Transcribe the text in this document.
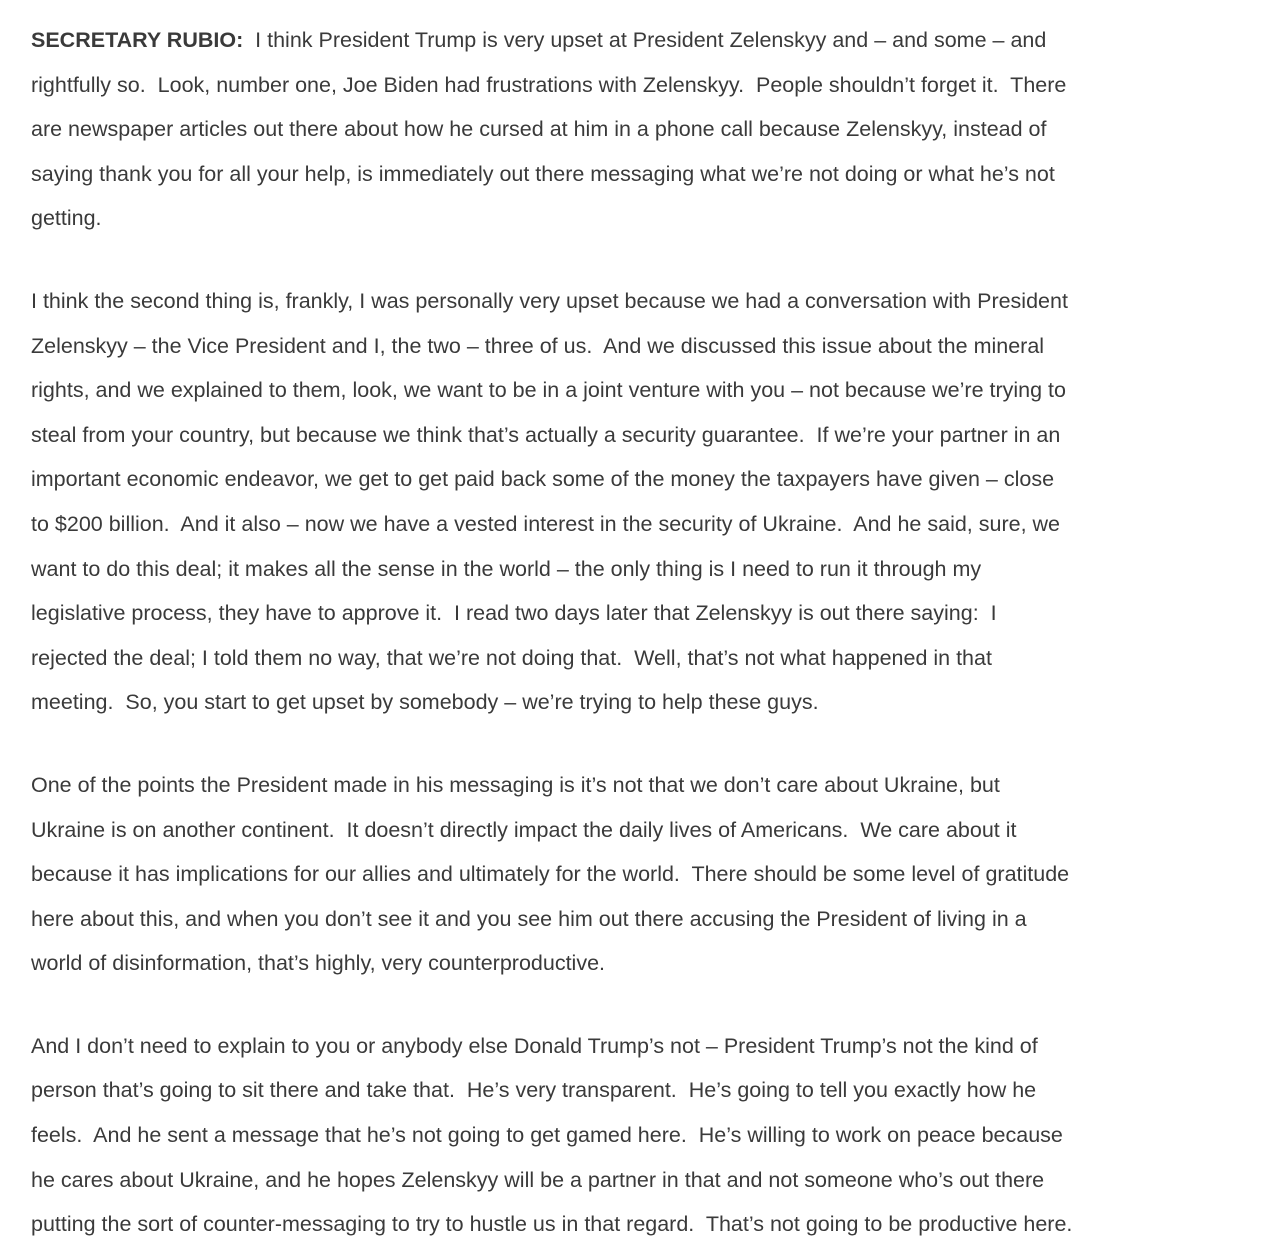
SECRETARY RUBIO:  I think President Trump is very upset at President Zelenskyy and – and some – and
rightfully so.  Look, number one, Joe Biden had frustrations with Zelenskyy.  People shouldn’t forget it.  There
are newspaper articles out there about how he cursed at him in a phone call because Zelenskyy, instead of
saying thank you for all your help, is immediately out there messaging what we’re not doing or what he’s not
getting.
I think the second thing is, frankly, I was personally very upset because we had a conversation with President
Zelenskyy – the Vice President and I, the two – three of us.  And we discussed this issue about the mineral
rights, and we explained to them, look, we want to be in a joint venture with you – not because we’re trying to
steal from your country, but because we think that’s actually a security guarantee.  If we’re your partner in an
important economic endeavor, we get to get paid back some of the money the taxpayers have given – close
to $200 billion.  And it also – now we have a vested interest in the security of Ukraine.  And he said, sure, we
want to do this deal; it makes all the sense in the world – the only thing is I need to run it through my
legislative process, they have to approve it.  I read two days later that Zelenskyy is out there saying:  I
rejected the deal; I told them no way, that we’re not doing that.  Well, that’s not what happened in that
meeting.  So, you start to get upset by somebody – we’re trying to help these guys.
One of the points the President made in his messaging is it’s not that we don’t care about Ukraine, but
Ukraine is on another continent.  It doesn’t directly impact the daily lives of Americans.  We care about it
because it has implications for our allies and ultimately for the world.  There should be some level of gratitude
here about this, and when you don’t see it and you see him out there accusing the President of living in a
world of disinformation, that’s highly, very counterproductive.
And I don’t need to explain to you or anybody else Donald Trump’s not – President Trump’s not the kind of
person that’s going to sit there and take that.  He’s very transparent.  He’s going to tell you exactly how he
feels.  And he sent a message that he’s not going to get gamed here.  He’s willing to work on peace because
he cares about Ukraine, and he hopes Zelenskyy will be a partner in that and not someone who’s out there
putting the sort of counter-messaging to try to hustle us in that regard.  That’s not going to be productive here.
